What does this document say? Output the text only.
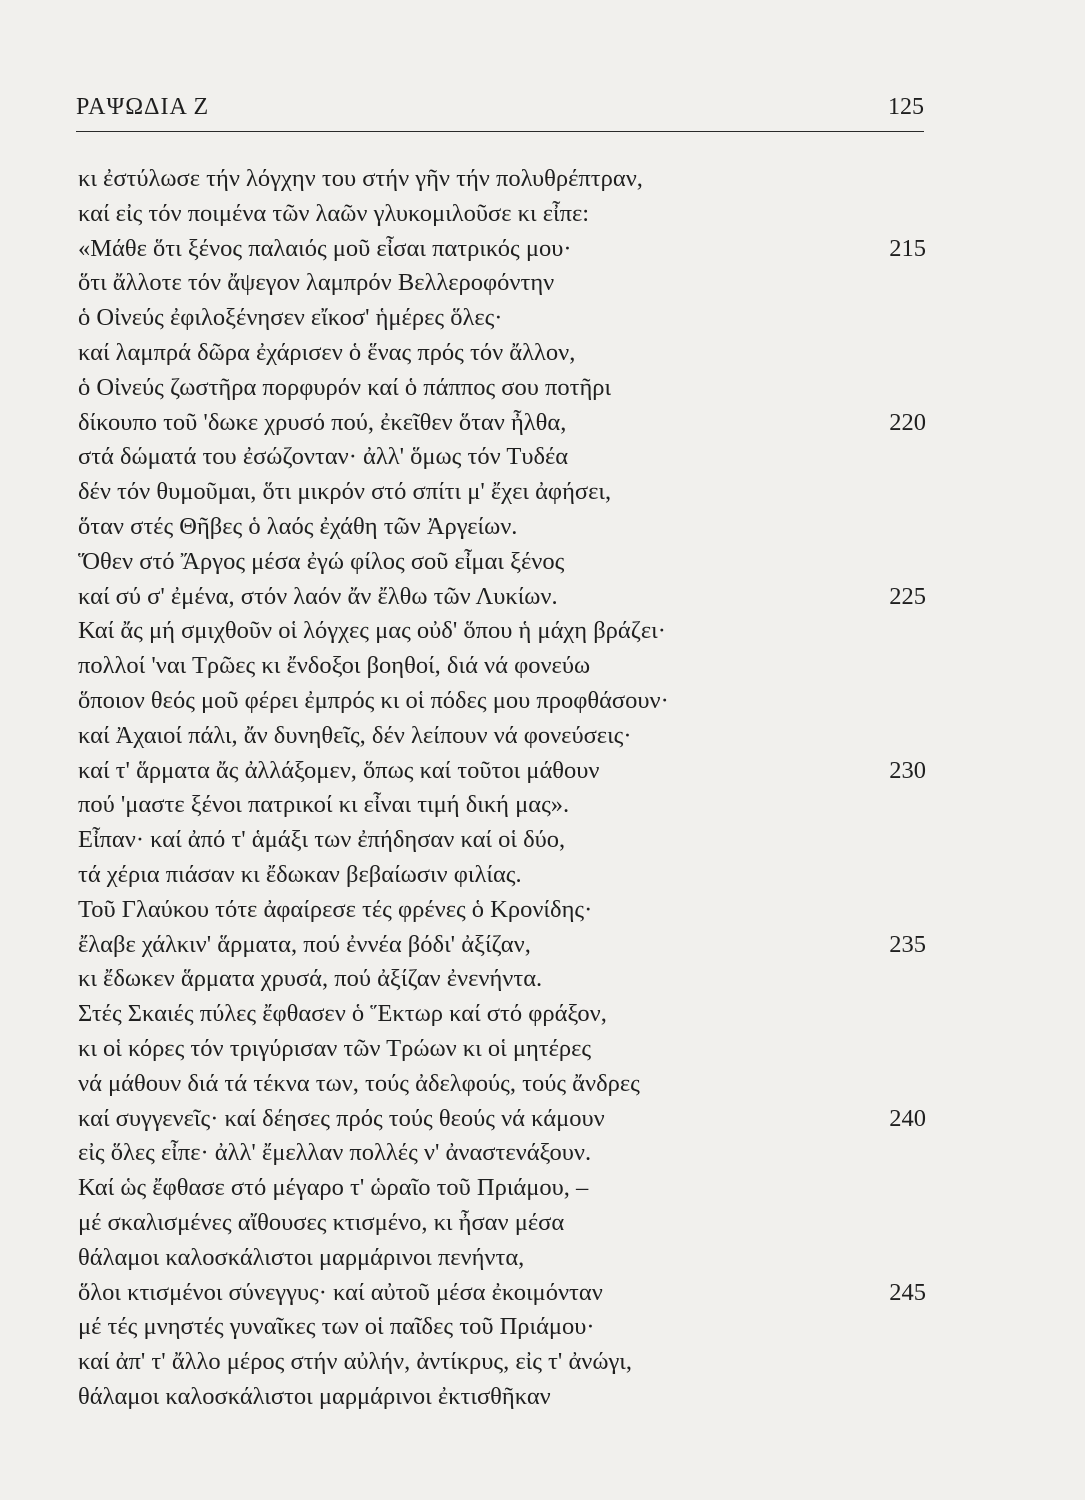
ΡΑΨΩΔΙΑ Ζ	125
κι ἐστύλωσε τήν λόγχην του στήν γῆν τήν πολυθρέπτραν,
καί εἰς τόν ποιμένα τῶν λαῶν γλυκομιλοῦσε κι εἶπε:
«Μάθε ὅτι ξένος παλαιός μοῦ εἶσαι πατρικός μου·	215
ὅτι ἄλλοτε τόν ἄψεγον λαμπρόν Βελλεροφόντην
ὁ Οἰνεύς ἐφιλοξένησεν εἴκοσ' ἡμέρες ὅλες·
καί λαμπρά δῶρα ἐχάρισεν ὁ ἕνας πρός τόν ἄλλον,
ὁ Οἰνεύς ζωστῆρα πορφυρόν καί ὁ πάππος σου ποτῆρι
δίκουπο τοῦ 'δωκε χρυσό πού, ἐκεῖθεν ὅταν ἦλθα,	220
στά δώματά του ἐσώζονταν· ἀλλ' ὅμως τόν Τυδέα
δέν τόν θυμοῦμαι, ὅτι μικρόν στό σπίτι μ' ἔχει ἀφήσει,
ὅταν στές Θῆβες ὁ λαός ἐχάθη τῶν Ἀργείων.
Ὅθεν στό Ἄργος μέσα ἐγώ φίλος σοῦ εἶμαι ξένος
καί σύ σ' ἐμένα, στόν λαόν ἄν ἔλθω τῶν Λυκίων.	225
Καί ἄς μή σμιχθοῦν οἱ λόγχες μας οὐδ' ὅπου ἡ μάχη βράζει·
πολλοί 'ναι Τρῶες κι ἔνδοξοι βοηθοί, διά νά φονεύω
ὅποιον θεός μοῦ φέρει ἐμπρός κι οἱ πόδες μου προφθάσουν·
καί Ἀχαιοί πάλι, ἄν δυνηθεῖς, δέν λείπουν νά φονεύσεις·
καί τ' ἅρματα ἄς ἀλλάξομεν, ὅπως καί τοῦτοι μάθουν	230
πού 'μαστε ξένοι πατρικοί κι εἶναι τιμή δική μας».
Εἶπαν· καί ἀπό τ' ἁμάξι των ἐπήδησαν καί οἱ δύο,
τά χέρια πιάσαν κι ἔδωκαν βεβαίωσιν φιλίας.
Τοῦ Γλαύκου τότε ἀφαίρεσε τές φρένες ὁ Κρονίδης·
ἔλαβε χάλκιν' ἅρματα, πού ἐννέα βόδι' ἀξίζαν,	235
κι ἔδωκεν ἅρματα χρυσά, πού ἀξίζαν ἐνενήντα.
Στές Σκαιές πύλες ἔφθασεν ὁ Ἕκτωρ καί στό φράξον,
κι οἱ κόρες τόν τριγύρισαν τῶν Τρώων κι οἱ μητέρες
νά μάθουν διά τά τέκνα των, τούς ἀδελφούς, τούς ἄνδρες
καί συγγενεῖς· καί δέησες πρός τούς θεούς νά κάμουν	240
εἰς ὅλες εἶπε· ἀλλ' ἔμελλαν πολλές ν' ἀναστενάξουν.
Καί ὡς ἔφθασε στό μέγαρο τ' ὡραῖο τοῦ Πριάμου, –
μέ σκαλισμένες αἴθουσες κτισμένο, κι ἦσαν μέσα
θάλαμοι καλοσκάλιστοι μαρμάρινοι πενήντα,
ὅλοι κτισμένοι σύνεγγυς· καί αὐτοῦ μέσα ἐκοιμόνταν	245
μέ τές μνηστές γυναῖκες των οἱ παῖδες τοῦ Πριάμου·
καί ἀπ' τ' ἄλλο μέρος στήν αὐλήν, ἀντίκρυς, εἰς τ' ἀνώγι,
θάλαμοι καλοσκάλιστοι μαρμάρινοι ἐκτισθῆκαν
